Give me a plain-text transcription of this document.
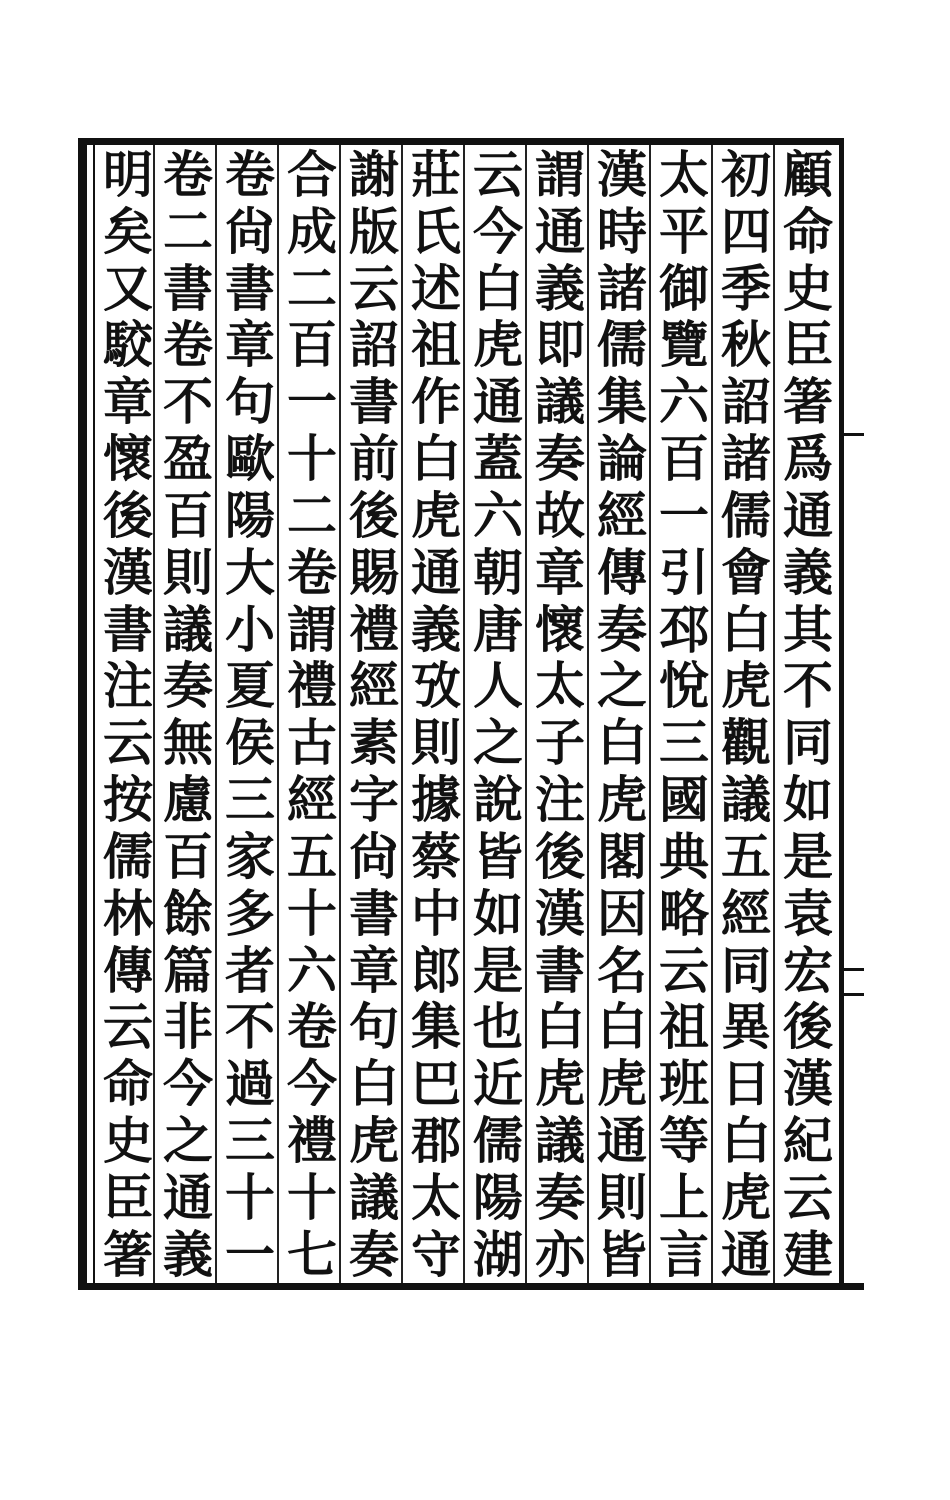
顧
命
史
臣
箸
爲
通
義
其
不
同
如
是
袁
宏
後
漢
紀
云
建
初
四
季
秋
詔
諸
儒
會
白
虎
觀
議
五
經
同
異
日
白
虎
通
太
平
御
覽
六
百
一
引
邳
悅
三
國
典
略
云
祖
班
等
上
言
漢
時
諸
儒
集
論
經
傳
奏
之
白
虎
閣
因
名
白
虎
通
則
皆
謂
通
義
即
議
奏
故
章
懷
太
子
注
後
漢
書
白
虎
議
奏
亦
云
今
白
虎
通
蓋
六
朝
唐
人
之
說
皆
如
是
也
近
儒
陽
湖
莊
氏
述
祖
作
白
虎
通
義
攷
則
據
蔡
中
郎
集
巴
郡
太
守
謝
版
云
詔
書
前
後
賜
禮
經
素
字
尙
書
章
句
白
虎
議
奏
合
成
二
百
一
十
二
卷
謂
禮
古
經
五
十
六
卷
今
禮
十
七
卷
尙
書
章
句
歐
陽
大
小
夏
侯
三
家
多
者
不
過
三
十
一
卷
二
書
卷
不
盈
百
則
議
奏
無
慮
百
餘
篇
非
今
之
通
義
明
矣
又
駮
章
懷
後
漢
書
注
云
按
儒
林
傳
云
命
史
臣
箸
